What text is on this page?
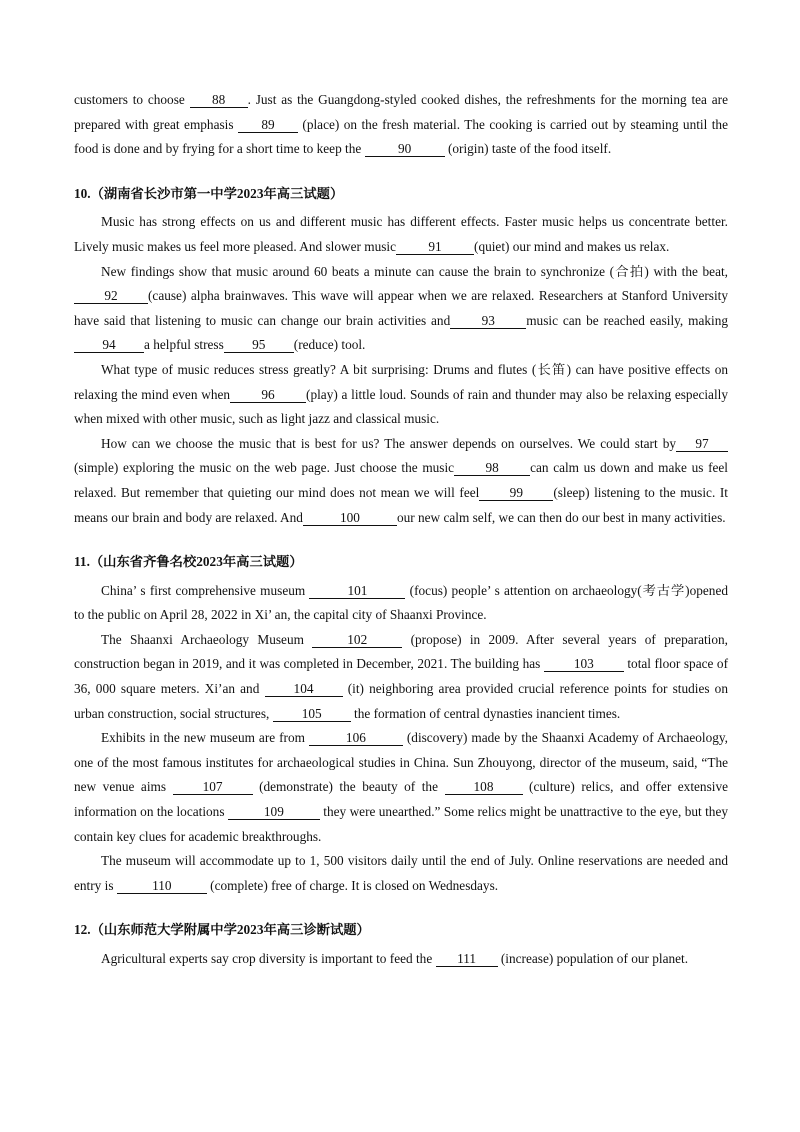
customers to choose 88 . Just as the Guangdong-styled cooked dishes, the refreshments for the morning tea are prepared with great emphasis 89 (place) on the fresh material. The cooking is carried out by steaming until the food is done and by frying for a short time to keep the	90	(origin) taste of the food itself.

10.（湖南省长沙市第一中学2023年高三试题）

Music has strong effects on us and different music has different effects. Faster music helps us concentrate better. Lively music makes us feel more pleased. And slower music 91 (quiet) our mind and makes us relax.

New findings show that music around 60 beats a minute can cause the brain to synchronize (合拍) with the beat, 92 (cause) alpha brainwaves. This wave will appear when we are relaxed. Researchers at Stanford University have said that listening to music can change our brain activities and 93 music can be reached easily, making94 a helpful stress 95 (reduce) tool.

What type of music reduces stress greatly? A bit surprising: Drums and flutes (长笛) can have positive effects on relaxing the mind even when 96 (play) a little loud. Sounds of rain and thunder may also be relaxing especially when mixed with other music, such as light jazz and classical music.

How can we choose the music that is best for us? The answer depends on ourselves. We could start by 97 (simple) exploring the music on the web page. Just choose the music 98 can calm us down and make us feel relaxed. But remember that quieting our mind does not mean we will feel 99 (sleep) listening to the music. It means our brain and body are relaxed. And	100	our new calm self, we can then do our best in many activities.

11.（山东省齐鲁名校2023年高三试题）

China’ s first comprehensive museum	101	(focus) people’ s attention on archaeology(考古学)opened to the public on April 28, 2022 in Xi’ an, the capital city of Shaanxi Province.

The Shaanxi Archaeology Museum	102	(propose) in 2009. After several years of preparation, construction began in 2019, and it was completed in December, 2021. The building has 103 total floor space of 36, 000 square meters. Xi’an and 104 (it) neighboring area provided crucial reference points for studies on urban construction, social structures, 105 the formation of central dynasties inancient times.

Exhibits in the new museum are from	106	(discovery) made by the Shaanxi Academy of Archaeology, one of the most famous institutes for archaeological studies in China. Sun Zhouyong, director of the museum, said, “The new venue aims 107 (demonstrate) the beauty of the 108 (culture) relics, and offer extensive information on the locations	109	they were unearthed.” Some relics might be unattractive to the eye, but they contain key clues for academic breakthroughs.

The museum will accommodate up to 1, 500 visitors daily until the end of July. Online reservations are needed and entry is	110	(complete) free of charge. It is closed on Wednesdays.

12.（山东师范大学附属中学2023年高三诊断试题）

Agricultural experts say crop diversity is important to feed the 111 (increase) population of our planet.
